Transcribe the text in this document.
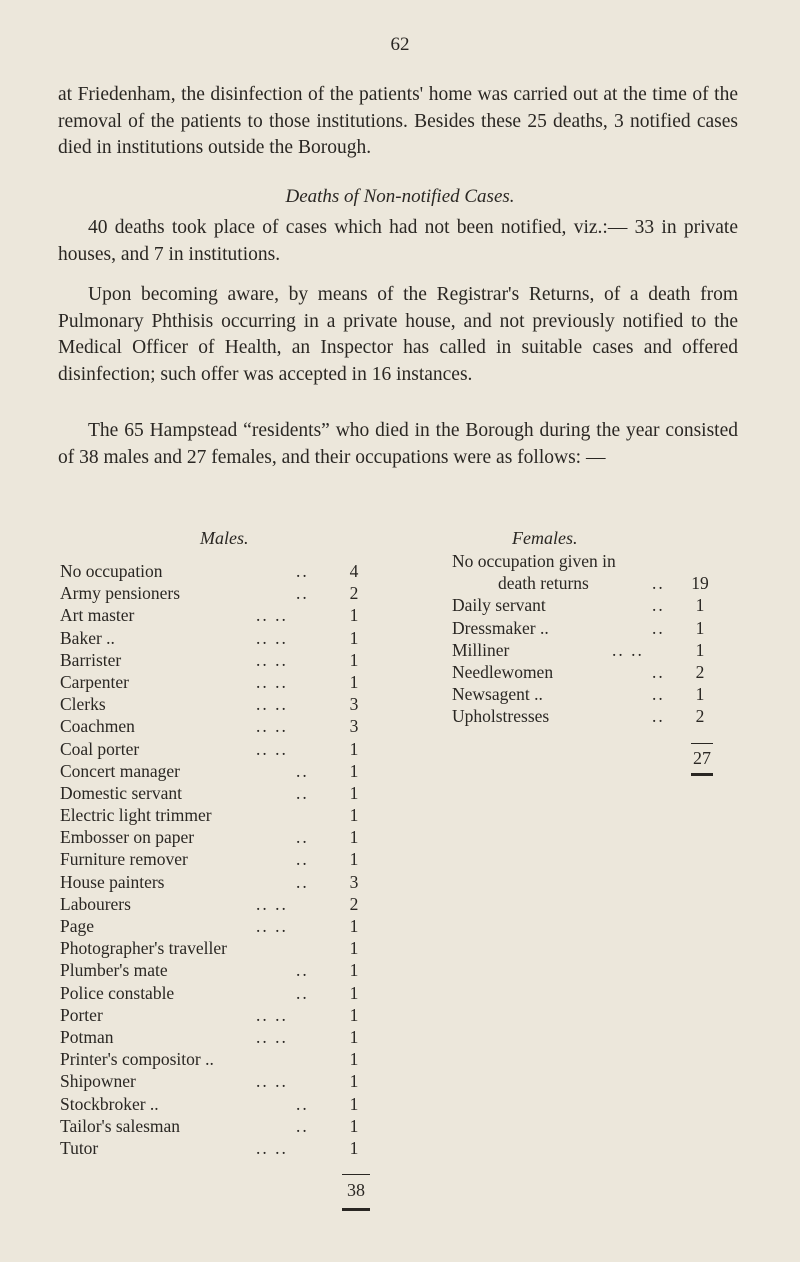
62

at Friedenham, the disinfection of the patients' home was carried out at the time of the removal of the patients to those institutions. Besides these 25 deaths, 3 notified cases died in institutions outside the Borough.

Deaths of Non-notified Cases.

40 deaths took place of cases which had not been notified, viz.:— 33 in private houses, and 7 in institutions.

Upon becoming aware, by means of the Registrar's Returns, of a death from Pulmonary Phthisis occurring in a private house, and not previously notified to the Medical Officer of Health, an Inspector has called in suitable cases and offered disinfection; such offer was accepted in 16 instances.

The 65 Hampstead “residents” who died in the Borough during the year consisted of 38 males and 27 females, and their occupations were as follows: —

Males.	Females.
No occupation	..	4
Army pensioners	..	2
Art master	.. ..	1
Baker ..	.. ..	1
Barrister	.. ..	1
Carpenter	.. ..	1
Clerks	.. ..	3
Coachmen	.. ..	3
Coal porter	.. ..	1
Concert manager	..	1
Domestic servant	..	1
Electric light trimmer	1
Embosser on paper	..	1
Furniture remover	..	1
House painters	..	3
Labourers	.. ..	2
Page	.. ..	1
Photographer's traveller	1
Plumber's mate	..	1
Police constable	..	1
Porter	.. ..	1
Potman	.. ..	1
Printer's compositor ..	1
Shipowner	.. ..	1
Stockbroker ..	..	1
Tailor's salesman	..	1
Tutor	.. ..	1
No occupation given in
death returns	.. 19
Daily servant	..	1
Dressmaker ..	..	1
Milliner	.. ..	1
Needlewomen	..	2
Newsagent ..	..	1
Upholstresses	..	2
38
27
